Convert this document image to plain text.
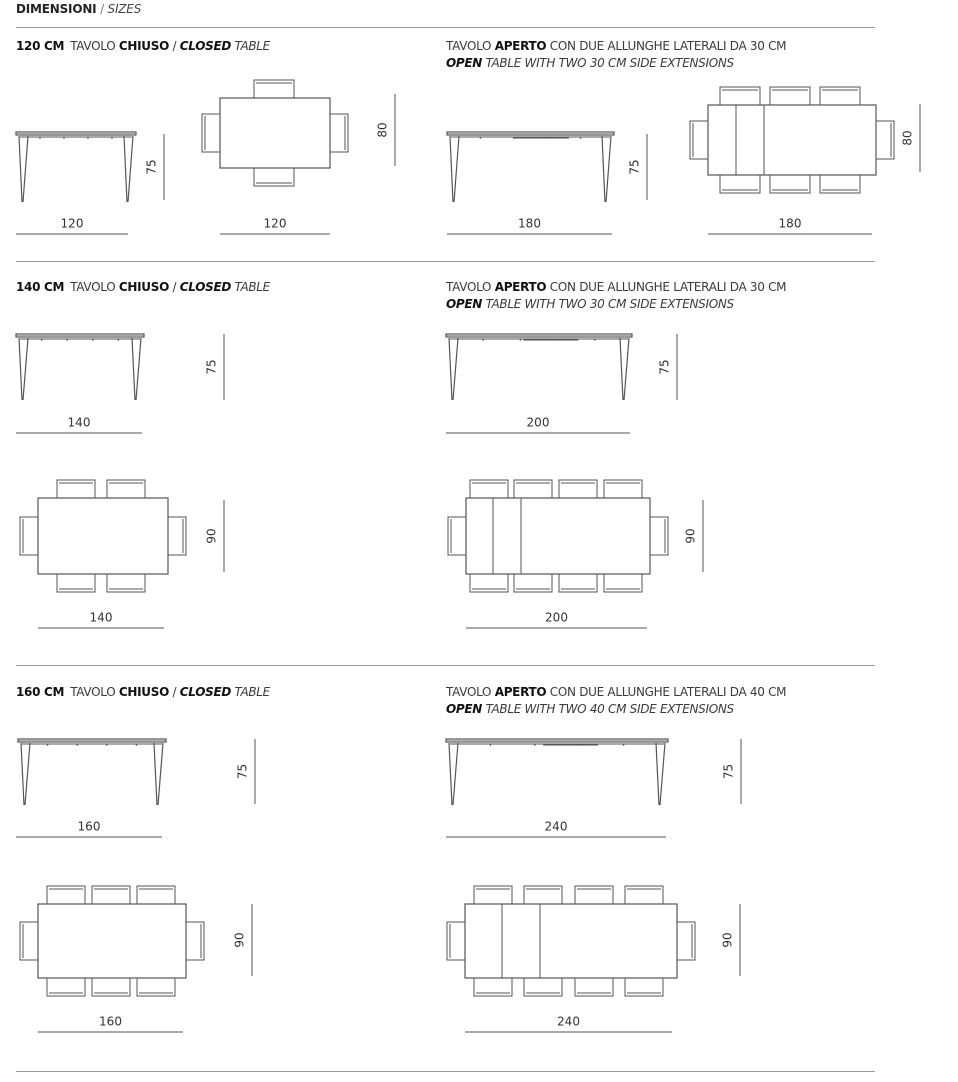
DIMENSIONI / SIZES
120 CM TAVOLO CHIUSO / CLOSED TABLE	TAVOLO APERTO CON DUE ALLUNGHE LATERALI DA 30 CM
OPEN TABLE WITH TWO 30 CM SIDE EXTENSIONS
140 CM TAVOLO CHIUSO / CLOSED TABLE	TAVOLO APERTO CON DUE ALLUNGHE LATERALI DA 30 CM
OPEN TABLE WITH TWO 30 CM SIDE EXTENSIONS
160 CM TAVOLO CHIUSO / CLOSED TABLE	TAVOLO APERTO CON DUE ALLUNGHE LATERALI DA 40 CM
OPEN TABLE WITH TWO 40 CM SIDE EXTENSIONS
120
75
120
80
180
75
180
80
140
75
140
90
200
75
200
90
160
75
160
90
240
75
240
90
